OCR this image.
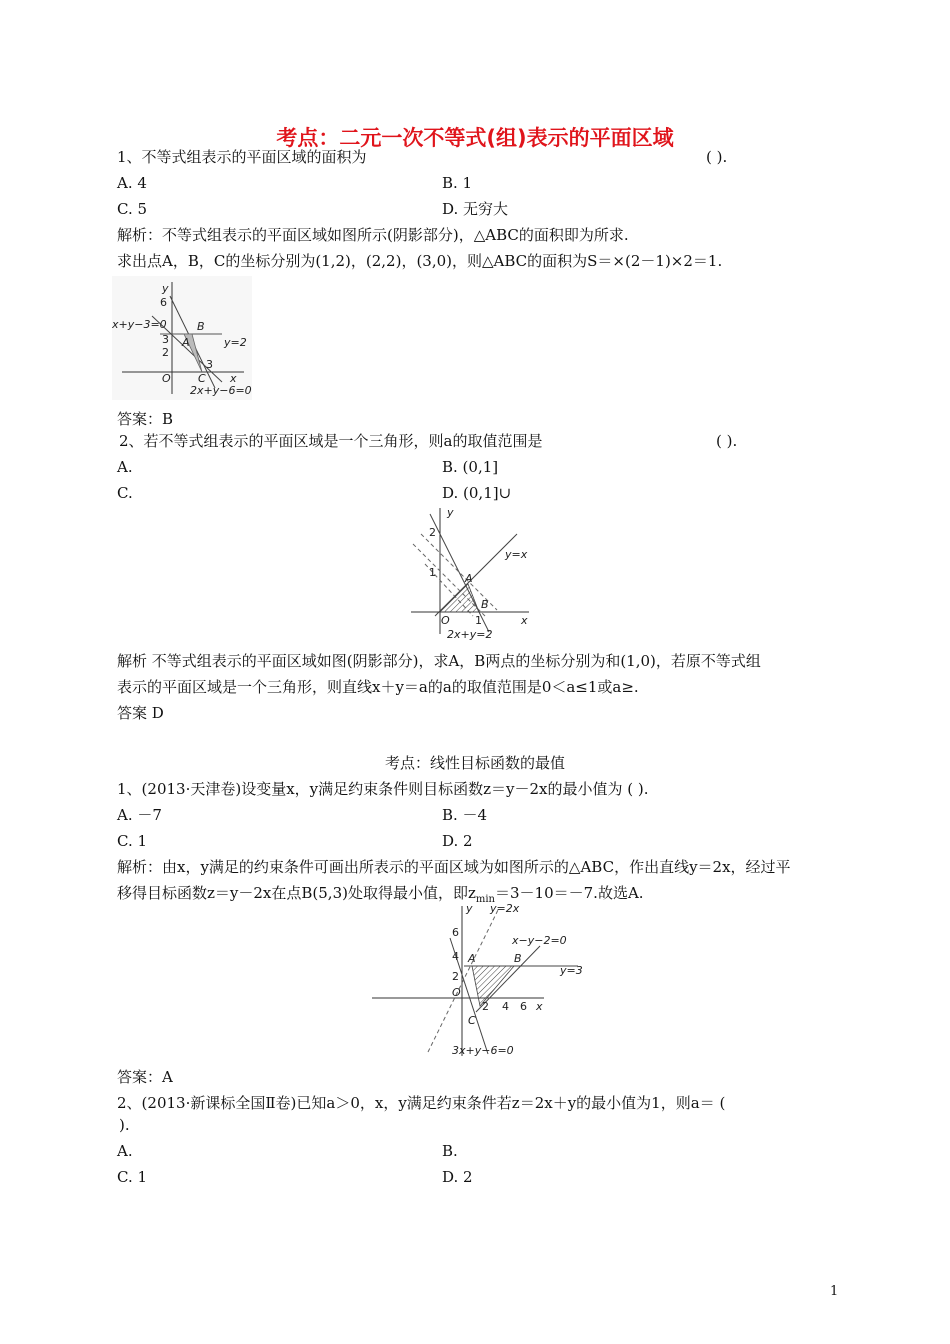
考点：二元一次不等式(组)表示的平面区域
1、不等式组表示的平面区域的面积为	( ).
A. 4	B. 1
C. 5	D. 无穷大
解析：不等式组表示的平面区域如图所示(阴影部分)，△ABC的面积即为所求.
求出点A，B，C的坐标分别为(1,2)，(2,2)，(3,0)，则△ABC的面积为S＝×(2－1)×2＝1.
y
6
x+y−3=0
3
2
B
A	y=2
3
O C x
2x+y−6=0
答案：B
2、若不等式组表示的平面区域是一个三角形，则a的取值范围是	( ).
A.	B. (0,1]
C.	D. (0,1]∪
y
2
y=x
1	A
B
O 1	x
2x+y=2
解析 不等式组表示的平面区域如图(阴影部分)，求A，B两点的坐标分别为和(1,0)，若原不等式组
表示的平面区域是一个三角形，则直线x＋y＝a的a的取值范围是0＜a≤1或a≥.
答案 D
考点：线性目标函数的最值
1、(2013·天津卷)设变量x，y满足约束条件则目标函数z＝y－2x的最小值为 ( ).
A. －7	B. －4
C. 1	D. 2
解析：由x，y满足的约束条件可画出所表示的平面区域为如图所示的△ABC，作出直线y＝2x，经过平
移得目标函数z＝y－2x在点B(5,3)处取得最小值，即$z_{min}=3-10=-7$.故选A.
y y=2x
6
x−y−2=0
4 A	B
y=3
2
O
2 4 6 x
C
3x+y−6=0
答案：A
2、(2013·新课标全国Ⅱ卷)已知a＞0，x，y满足约束条件若z＝2x＋y的最小值为1，则a＝ (
).
A.	B.
C. 1	D. 2
1
